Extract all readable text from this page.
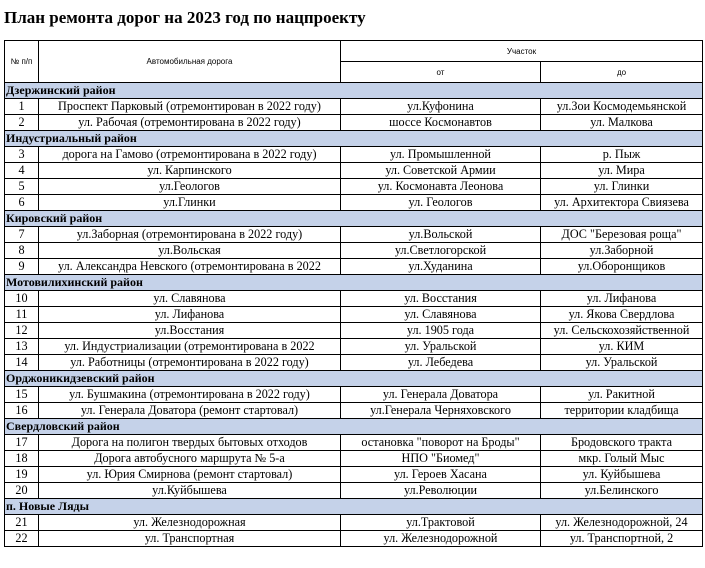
План ремонта дорог на 2023 год по нацпроекту
№ п/п	Автомобильная дорога	Участок	
		от	до
Дзержинский район			
1	Проспект Парковый (отремонтирован в 2022 году)	ул.Куфонина	ул.Зои Космодемьянской
2	ул. Рабочая (отремонтирована в 2022 году)	шоссе Космонавтов	ул. Малкова
Индустриальный район			
3	дорога на Гамово (отремонтирована в 2022 году)	ул. Промышленной	р. Пыж
4	ул. Карпинского	ул. Советской Армии	ул. Мира
5	ул.Геологов	ул. Космонавта Леонова	ул. Глинки
6	ул.Глинки	ул. Геологов	ул. Архитектора Свиязева
Кировский район			
7	ул.Заборная (отремонтирована в 2022 году)	ул.Вольской	ДОС "Березовая роща"
8	ул.Вольская	ул.Светлогорской	ул.Заборной
9	ул. Александра Невского (отремонтирована в 2022	ул.Худанина	ул.Оборонщиков
Мотовилихинский район			
10	ул. Славянова	ул. Восстания	ул. Лифанова
11	ул. Лифанова	ул. Славянова	ул. Якова Свердлова
12	ул.Восстания	ул. 1905 года	ул. Сельскохозяйственной
13	ул. Индустриализации (отремонтирована в 2022	ул. Уральской	ул. КИМ
14	ул. Работницы (отремонтирована в 2022 году)	ул. Лебедева	ул. Уральской
Орджоникидзевский район			
15	ул. Бушмакина (отремонтирована в 2022 году)	ул. Генерала Доватора	ул. Ракитной
16	ул. Генерала Доватора (ремонт стартовал)	ул.Генерала Черняховского	территории кладбища
Свердловский район			
17	Дорога на полигон твердых бытовых отходов	остановка "поворот на Броды"	Бродовского тракта
18	Дорога автобусного маршрута № 5-а	НПО "Биомед"	мкр. Голый Мыс
19	ул. Юрия Смирнова (ремонт стартовал)	ул. Героев Хасана	ул. Куйбышева
20	ул.Куйбышева	ул.Революции	ул.Белинского
п. Новые Ляды			
21	ул. Железнодорожная	ул.Трактовой	ул. Железнодорожной, 24
22	ул. Транспортная	ул. Железнодорожной	ул. Транспортной, 2
